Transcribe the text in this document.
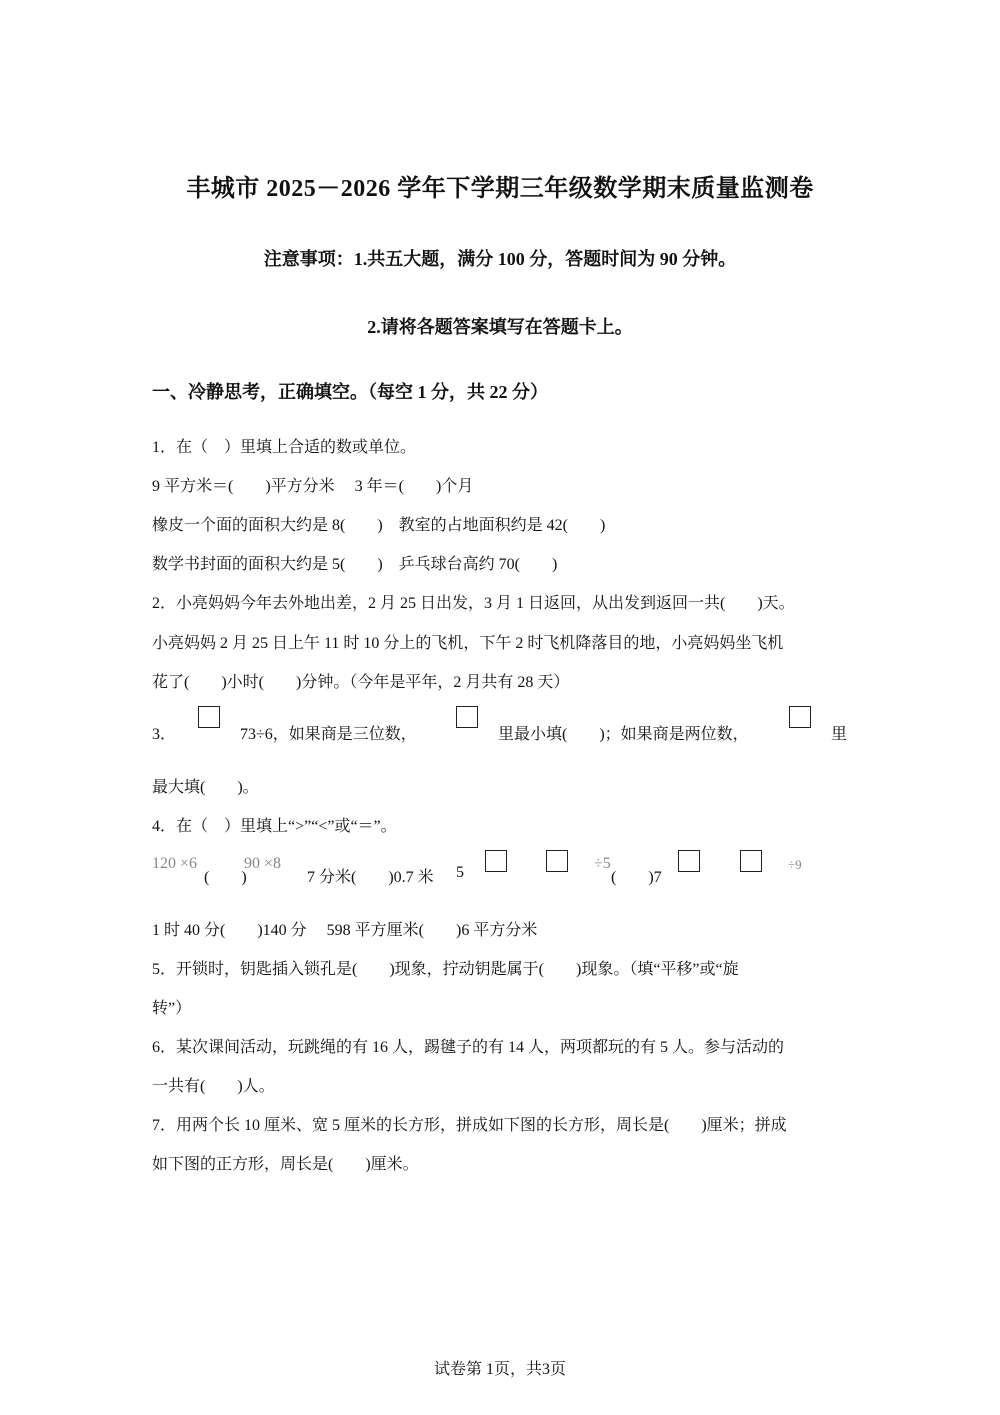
丰城市 2025－2026 学年下学期三年级数学期末质量监测卷
注意事项：1.共五大题，满分 100 分，答题时间为 90 分钟。
2.请将各题答案填写在答题卡上。
一、冷静思考，正确填空。（每空 1 分，共 22 分）
1．在（　）里填上合适的数或单位。
9 平方米＝(　　)平方分米　 3 年＝(　　)个月
橡皮一个面的面积大约是 8(　　)　教室的占地面积约是 42(　　)
数学书封面的面积大约是 5(　　)　乒乓球台高约 70(　　)
2．小亮妈妈今年去外地出差，2 月 25 日出发，3 月 1 日返回，从出发到返回一共(　　)天。
小亮妈妈 2 月 25 日上午 11 时 10 分上的飞机，下午 2 时飞机降落目的地，小亮妈妈坐飞机
花了(　　)小时(　　)分钟。（今年是平年，2 月共有 28 天）
3．	73÷6，如果商是三位数，	里最小填(　　)；如果商是两位数，	里
最大填(　　)。
4．在（　）里填上“>”“<”或“＝”。
120 ×6
(　　)
90 ×8
7 分米(　　)0.7 米 5
÷5
(　　)7
÷9
1 时 40 分(　　)140 分　 598 平方厘米(　　)6 平方分米
5．开锁时，钥匙插入锁孔是(　　)现象，拧动钥匙属于(　　)现象。（填“平移”或“旋
转”）
6．某次课间活动，玩跳绳的有 16 人，踢毽子的有 14 人，两项都玩的有 5 人。参与活动的
一共有(　　)人。
7．用两个长 10 厘米、宽 5 厘米的长方形，拼成如下图的长方形，周长是(　　)厘米；拼成
如下图的正方形，周长是(　　)厘米。
试卷第 1页，共3页
